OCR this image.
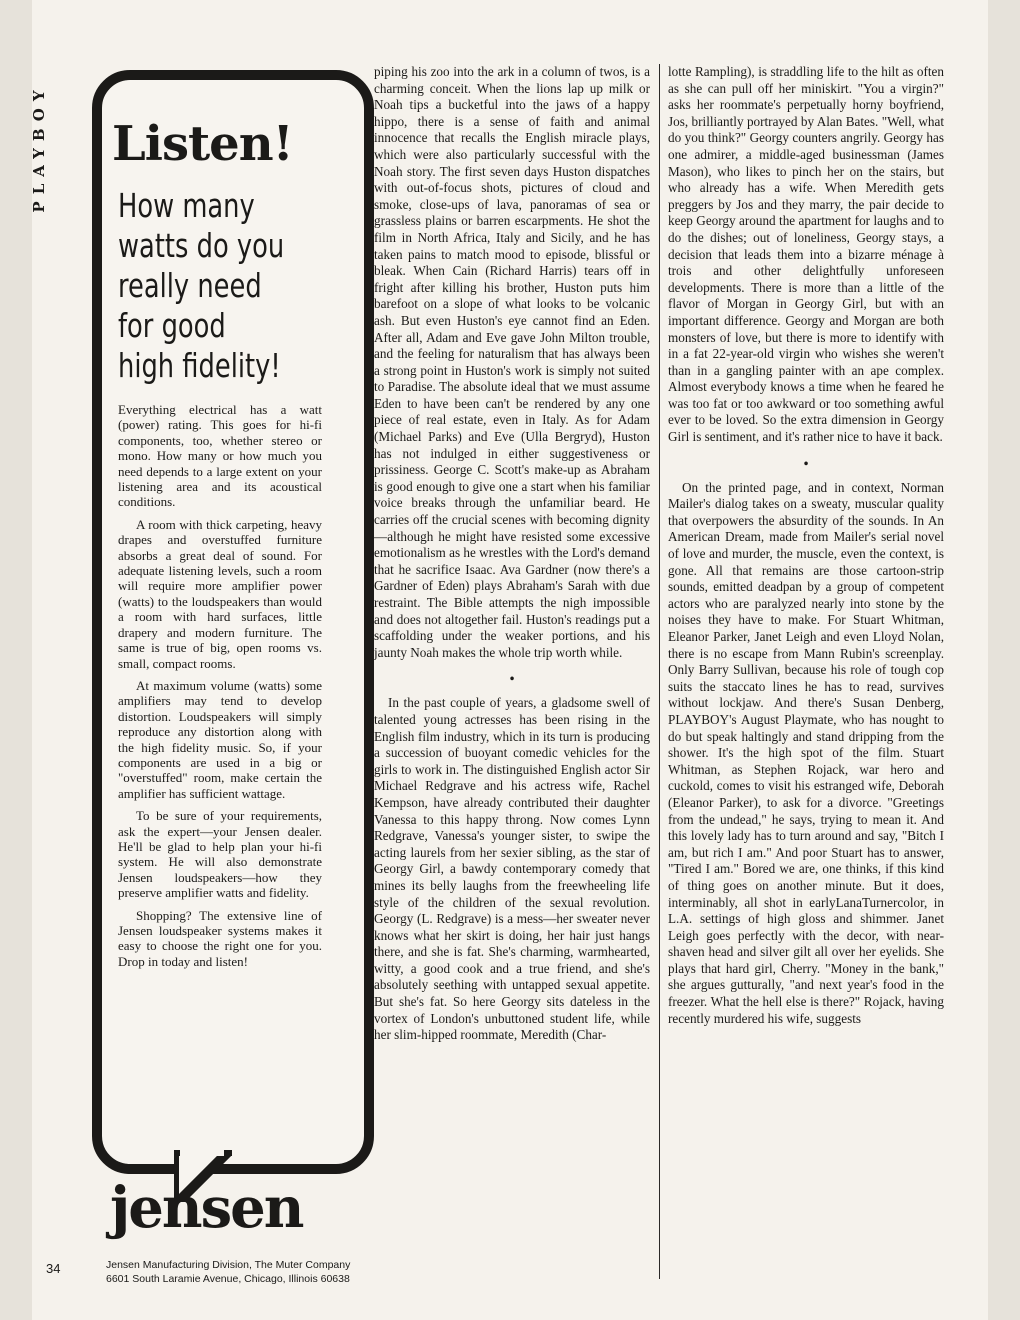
PLAYBOY Listen!
How many
watts do you
really need
for good
high fidelity!

Everything electrical has a watt (power) rating. This goes for hi-fi components, too, whether stereo or mono. How many or how much you need depends to a large extent on your listening area and its acoustical conditions.

A room with thick carpeting, heavy drapes and overstuffed furniture absorbs a great deal of sound. For adequate listening levels, such a room will require more amplifier power (watts) to the loudspeakers than would a room with hard surfaces, little drapery and modern furniture. The same is true of big, open rooms vs. small, compact rooms.

At maximum volume (watts) some amplifiers may tend to develop distortion. Loudspeakers will simply reproduce any distortion along with the high fidelity music. So, if your components are used in a big or "overstuffed" room, make certain the amplifier has sufficient wattage.

To be sure of your requirements, ask the expert—your Jensen dealer. He'll be glad to help plan your hi-fi system. He will also demonstrate Jensen loudspeakers—how they preserve amplifier watts and fidelity.

Shopping? The extensive line of Jensen loudspeaker systems makes it easy to choose the right one for you. Drop in today and listen!

jensen
Jensen Manufacturing Division, The Muter Company
6601 South Laramie Avenue, Chicago, Illinois 60638
34

piping his zoo into the ark in a column of twos, is a charming conceit. When the lions lap up milk or Noah tips a bucketful into the jaws of a happy hippo, there is a sense of faith and animal innocence that recalls the English miracle plays, which were also particularly successful with the Noah story. The first seven days Huston dispatches with out-of-focus shots, pictures of cloud and smoke, close-ups of lava, panoramas of sea or grassless plains or barren escarpments. He shot the film in North Africa, Italy and Sicily, and he has taken pains to match mood to episode, blissful or bleak. When Cain (Richard Harris) tears off in fright after killing his brother, Huston puts him barefoot on a slope of what looks to be volcanic ash. But even Huston's eye cannot find an Eden. After all, Adam and Eve gave John Milton trouble, and the feeling for naturalism that has always been a strong point in Huston's work is simply not suited to Paradise. The absolute ideal that we must assume Eden to have been can't be rendered by any one piece of real estate, even in Italy. As for Adam (Michael Parks) and Eve (Ulla Bergryd), Huston has not indulged in either suggestiveness or prissiness. George C. Scott's make-up as Abraham is good enough to give one a start when his familiar voice breaks through the unfamiliar beard. He carries off the crucial scenes with becoming dignity—although he might have resisted some excessive emotionalism as he wrestles with the Lord's demand that he sacrifice Isaac. Ava Gardner (now there's a Gardner of Eden) plays Abraham's Sarah with due restraint. The Bible attempts the nigh impossible and does not altogether fail. Huston's readings put a scaffolding under the weaker portions, and his jaunty Noah makes the whole trip worth while.

•

In the past couple of years, a gladsome swell of talented young actresses has been rising in the English film industry, which in its turn is producing a succession of buoyant comedic vehicles for the girls to work in. The distinguished English actor Sir Michael Redgrave and his actress wife, Rachel Kempson, have already contributed their daughter Vanessa to this happy throng. Now comes Lynn Redgrave, Vanessa's younger sister, to swipe the acting laurels from her sexier sibling, as the star of Georgy Girl, a bawdy contemporary comedy that mines its belly laughs from the freewheeling life style of the children of the sexual revolution. Georgy (L. Redgrave) is a mess—her sweater never knows what her skirt is doing, her hair just hangs there, and she is fat. She's charming, warmhearted, witty, a good cook and a true friend, and she's absolutely seething with untapped sexual appetite. But she's fat. So here Georgy sits dateless in the vortex of London's unbuttoned student life, while her slim-hipped roommate, Meredith (Char-

lotte Rampling), is straddling life to the hilt as often as she can pull off her miniskirt. "You a virgin?" asks her roommate's perpetually horny boyfriend, Jos, brilliantly portrayed by Alan Bates. "Well, what do you think?" Georgy counters angrily. Georgy has one admirer, a middle-aged businessman (James Mason), who likes to pinch her on the stairs, but who already has a wife. When Meredith gets preggers by Jos and they marry, the pair decide to keep Georgy around the apartment for laughs and to do the dishes; out of loneliness, Georgy stays, a decision that leads them into a bizarre ménage à trois and other delightfully unforeseen developments. There is more than a little of the flavor of Morgan in Georgy Girl, but with an important difference. Georgy and Morgan are both monsters of love, but there is more to identify with in a fat 22-year-old virgin who wishes she weren't than in a gangling painter with an ape complex. Almost everybody knows a time when he feared he was too fat or too awkward or too something awful ever to be loved. So the extra dimension in Georgy Girl is sentiment, and it's rather nice to have it back.

•

On the printed page, and in context, Norman Mailer's dialog takes on a sweaty, muscular quality that overpowers the absurdity of the sounds. In An American Dream, made from Mailer's serial novel of love and murder, the muscle, even the context, is gone. All that remains are those cartoon-strip sounds, emitted deadpan by a group of competent actors who are paralyzed nearly into stone by the noises they have to make. For Stuart Whitman, Eleanor Parker, Janet Leigh and even Lloyd Nolan, there is no escape from Mann Rubin's screenplay. Only Barry Sullivan, because his role of tough cop suits the staccato lines he has to read, survives without lockjaw. And there's Susan Denberg, PLAYBOY's August Playmate, who has nought to do but speak haltingly and stand dripping from the shower. It's the high spot of the film. Stuart Whitman, as Stephen Rojack, war hero and cuckold, comes to visit his estranged wife, Deborah (Eleanor Parker), to ask for a divorce. "Greetings from the undead," he says, trying to mean it. And this lovely lady has to turn around and say, "Bitch I am, but rich I am." And poor Stuart has to answer, "Tired I am." Bored we are, one thinks, if this kind of thing goes on another minute. But it does, interminably, all shot in earlyLanaTurnercolor, in L.A. settings of high gloss and shimmer. Janet Leigh goes perfectly with the decor, with near-shaven head and silver gilt all over her eyelids. She plays that hard girl, Cherry. "Money in the bank," she argues gutturally, "and next year's food in the freezer. What the hell else is there?" Rojack, having recently murdered his wife, suggests
